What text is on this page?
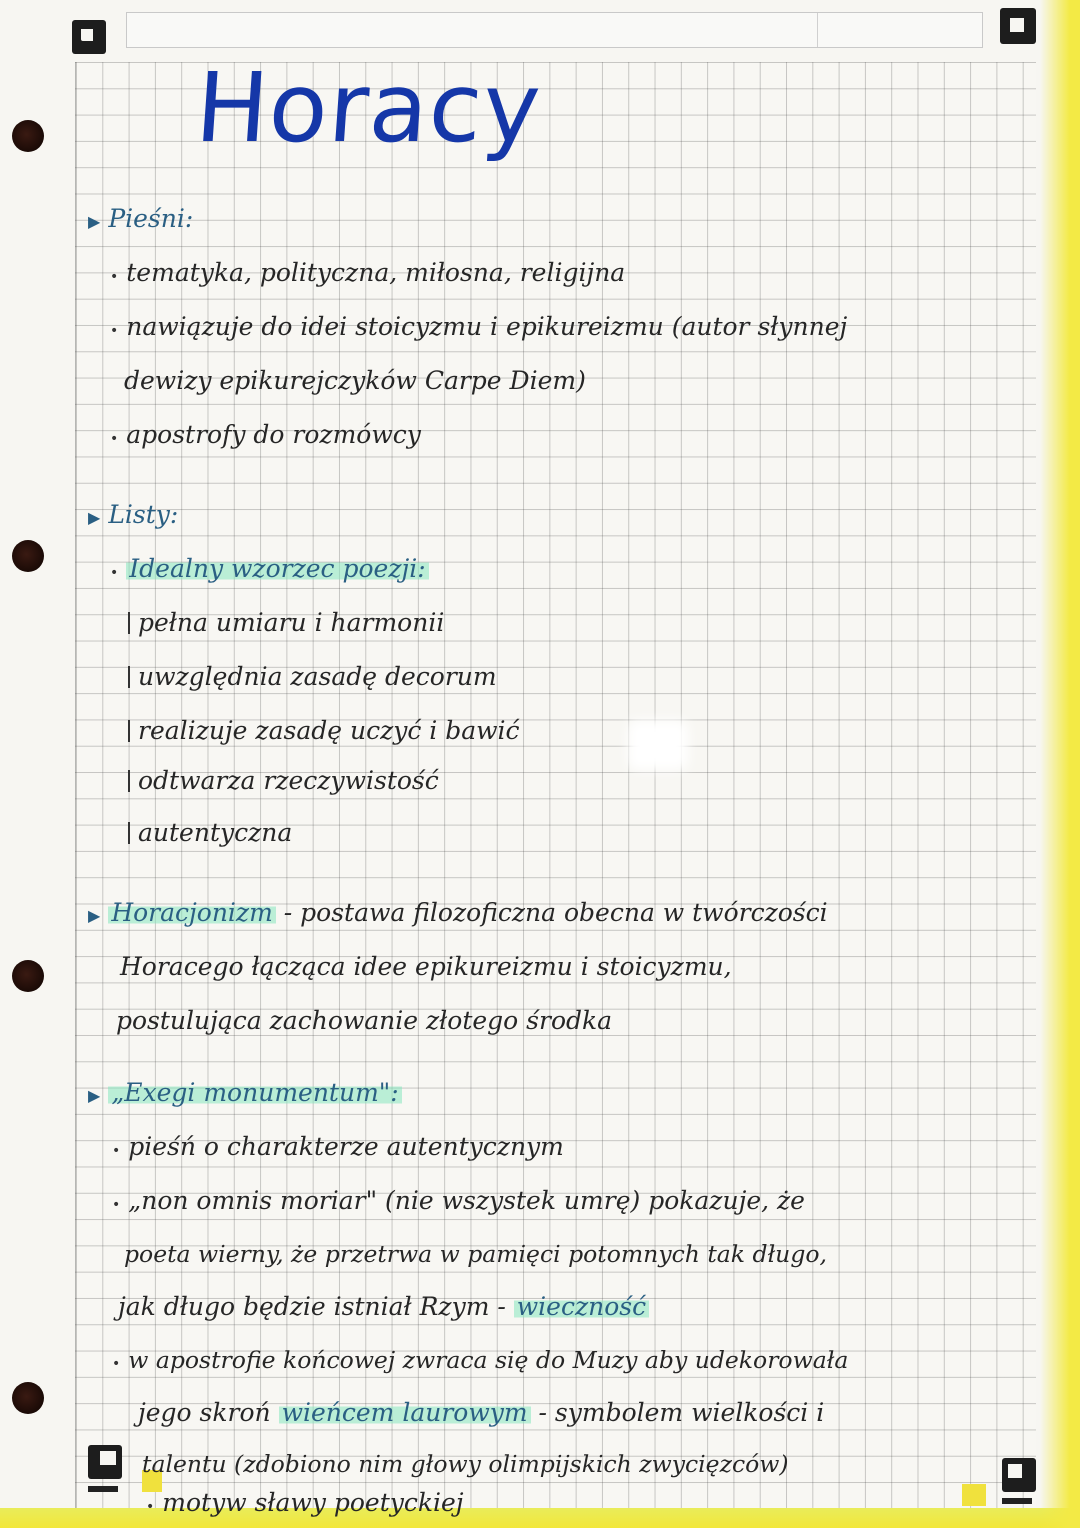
Horacy
▶ Pieśni:
• tematyka, polityczna, miłosna, religijna
• nawiązuje do idei stoicyzmu i epikureizmu (autor słynnej
dewizy epikurejczyków Carpe Diem)
• apostrofy do rozmówcy
▶ Listy:
• Idealny wzorzec poezji:
pełna umiaru i harmonii
uwzględnia zasadę decorum
realizuje zasadę uczyć i bawić
odtwarza rzeczywistość
autentyczna
▶ Horacjonizm - postawa filozoficzna obecna w twórczości
Horacego łącząca idee epikureizmu i stoicyzmu,
postulująca zachowanie złotego środka
▶ „Exegi monumentum":
• pieśń o charakterze autentycznym
• „non omnis moriar" (nie wszystek umrę) pokazuje, że
poeta wierny, że przetrwa w pamięci potomnych tak długo,
jak długo będzie istniał Rzym - wieczność
• w apostrofie końcowej zwraca się do Muzy aby udekorowała
jego skroń wieńcem laurowym - symbolem wielkości i
talentu (zdobiono nim głowy olimpijskich zwycięzców)
• motyw sławy poetyckiej
